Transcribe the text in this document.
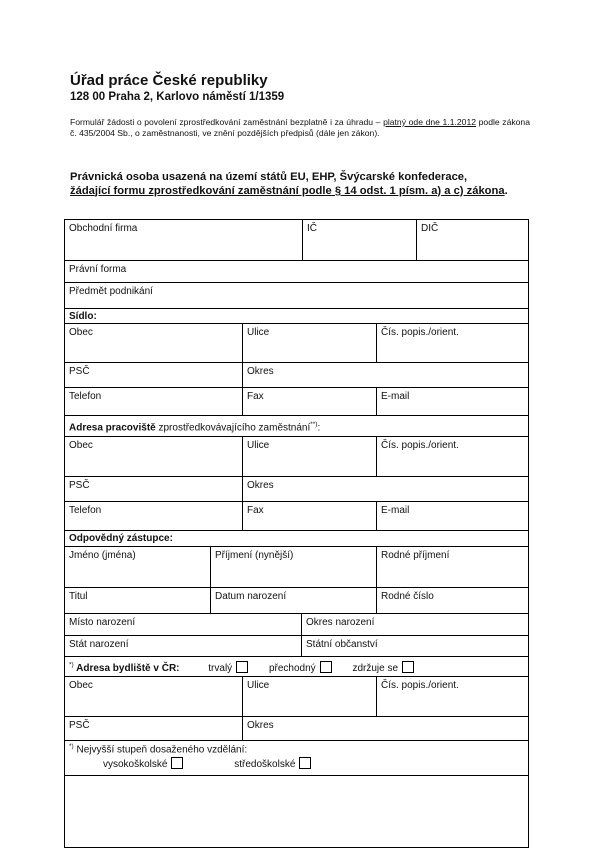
Úřad práce České republiky
128 00 Praha 2, Karlovo náměstí 1/1359
Formulář žádosti o povolení zprostředkování zaměstnání bezplatně i za úhradu – platný ode dne 1.1.2012 podle zákona č. 435/2004 Sb., o zaměstnanosti, ve znění pozdějších předpisů (dále jen zákon).
Právnická osoba usazená na území států EU, EHP, Švýcarské konfederace,
žádající formu zprostředkování zaměstnání podle § 14 odst. 1 písm. a) a c) zákona.
Obchodní firma	IČ	DIČ
Právní forma
Předmět podnikání
Sídlo:
Obec	Ulice	Čís. popis./orient.
PSČ	Okres
Telefon	Fax	E-mail
Adresa pracoviště zprostředkovávajícího zaměstnání**):
Obec	Ulice	Čís. popis./orient.
PSČ	Okres
Telefon	Fax	E-mail
Odpovědný zástupce:
Jméno (jména)	Příjmení (nynější)	Rodné příjmení
Titul	Datum narození	Rodné číslo
Místo narození	Okres narození
Stát narození	Státní občanství
*) Adresa bydliště v ČR:	trvalý	přechodný	zdržuje se
Obec	Ulice	Čís. popis./orient.
PSČ	Okres
*) Nejvyšší stupeň dosaženého vzdělání:
vysokoškolské	středoškolské
